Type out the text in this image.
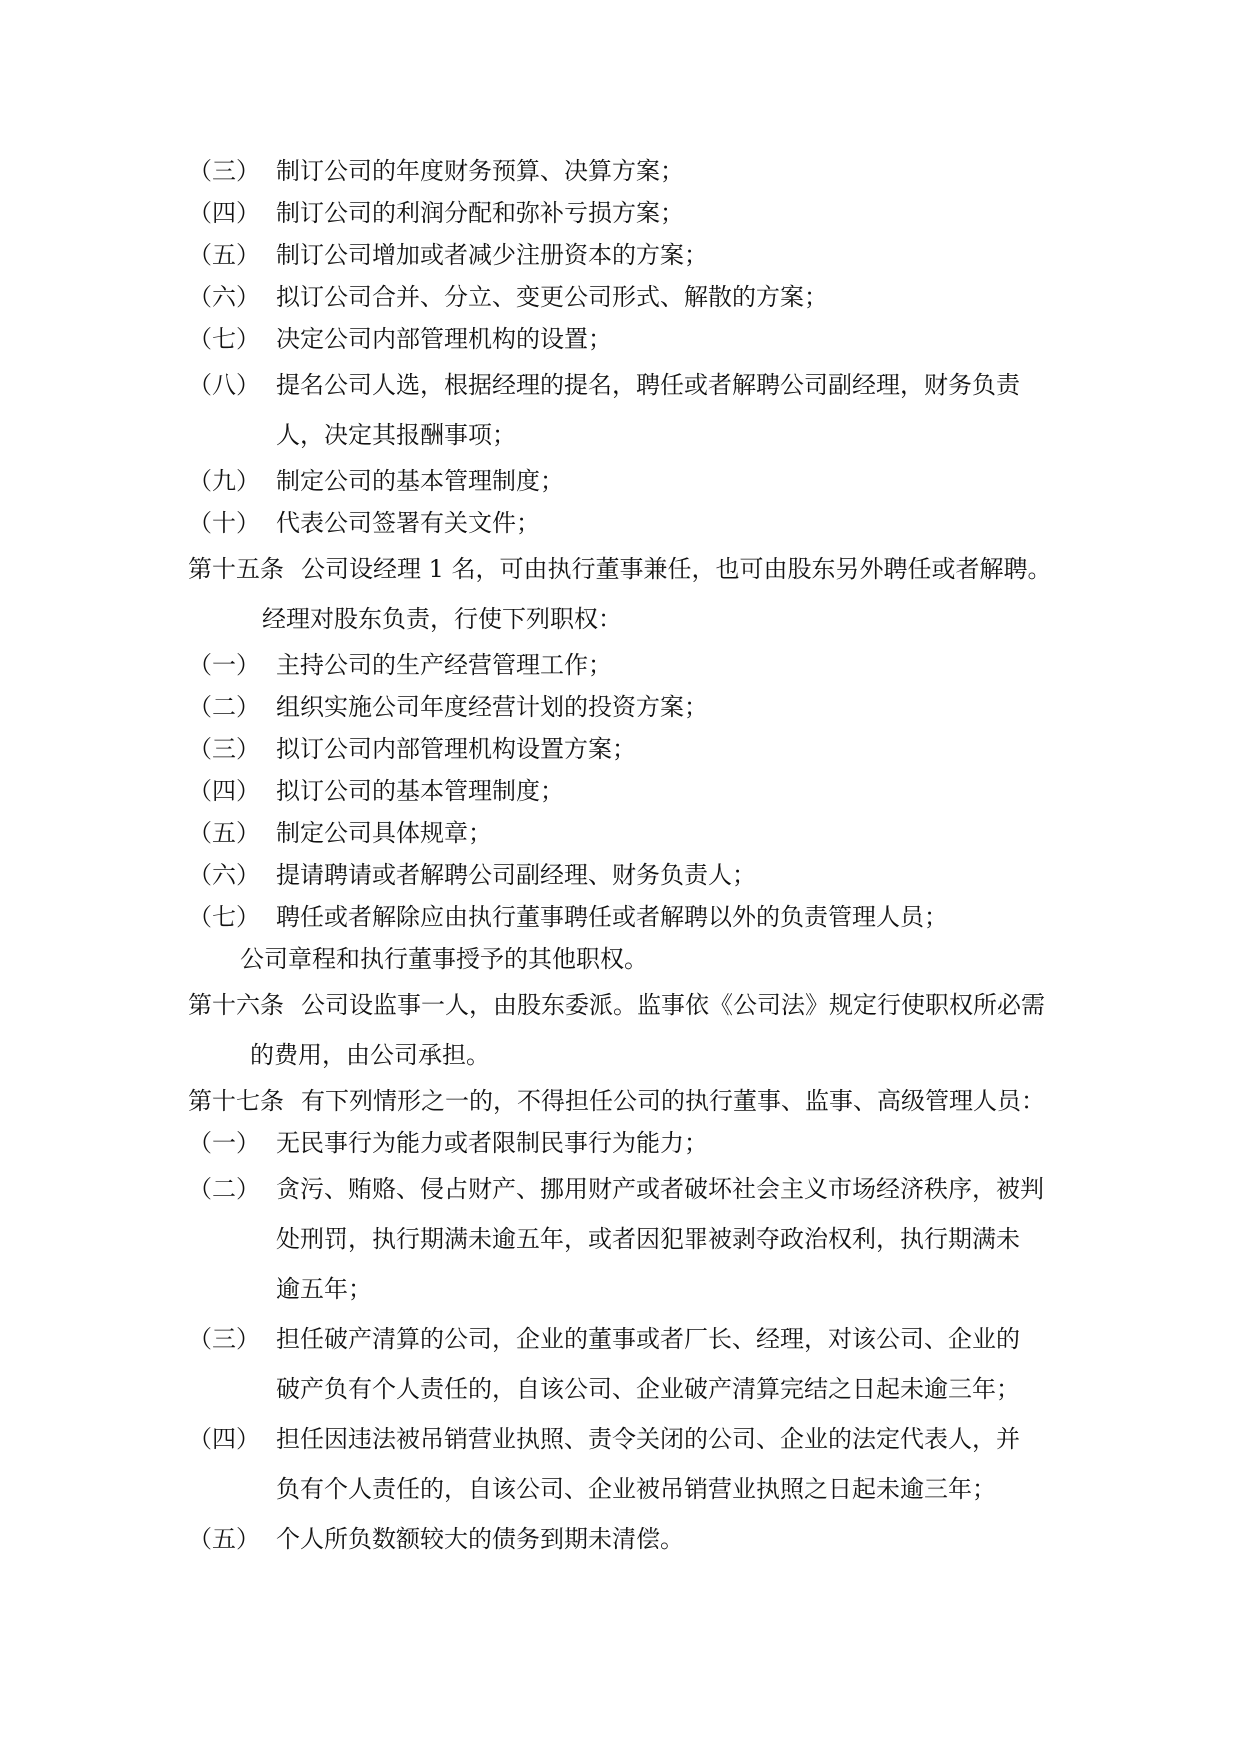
（三） 制订公司的年度财务预算、决算方案；
（四） 制订公司的利润分配和弥补亏损方案；
（五） 制订公司增加或者减少注册资本的方案；
（六） 拟订公司合并、分立、变更公司形式、解散的方案；
（七） 决定公司内部管理机构的设置；
（八） 提名公司人选，根据经理的提名，聘任或者解聘公司副经理，财务负责
人，决定其报酬事项；
（九） 制定公司的基本管理制度；
（十） 代表公司签署有关文件；
第十五条 公司设经理 1 名，可由执行董事兼任，也可由股东另外聘任或者解聘。
经理对股东负责，行使下列职权：
（一） 主持公司的生产经营管理工作；
（二） 组织实施公司年度经营计划的投资方案；
（三） 拟订公司内部管理机构设置方案；
（四） 拟订公司的基本管理制度；
（五） 制定公司具体规章；
（六） 提请聘请或者解聘公司副经理、财务负责人；
（七） 聘任或者解除应由执行董事聘任或者解聘以外的负责管理人员；
公司章程和执行董事授予的其他职权。
第十六条 公司设监事一人，由股东委派。监事依《公司法》规定行使职权所必需
的费用，由公司承担。
第十七条 有下列情形之一的，不得担任公司的执行董事、监事、高级管理人员：
（一） 无民事行为能力或者限制民事行为能力；
（二） 贪污、贿赂、侵占财产、挪用财产或者破坏社会主义市场经济秩序，被判
处刑罚，执行期满未逾五年，或者因犯罪被剥夺政治权利，执行期满未
逾五年；
（三） 担任破产清算的公司，企业的董事或者厂长、经理，对该公司、企业的
破产负有个人责任的，自该公司、企业破产清算完结之日起未逾三年；
（四） 担任因违法被吊销营业执照、责令关闭的公司、企业的法定代表人，并
负有个人责任的，自该公司、企业被吊销营业执照之日起未逾三年；
（五） 个人所负数额较大的债务到期未清偿。
